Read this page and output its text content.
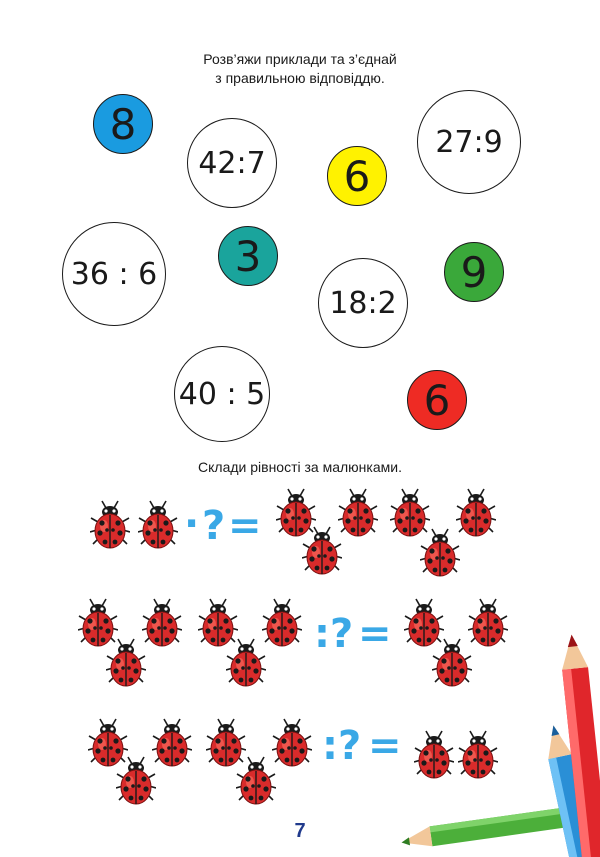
Розв’яжи приклади та з’єднай
з правильною відповіддю.
42:7
27:9
36 : 6
18:2
40 : 5
8
6
3	9
6
Склади рівності за малюнками.
· ? =
: ? =
: ? =
7
